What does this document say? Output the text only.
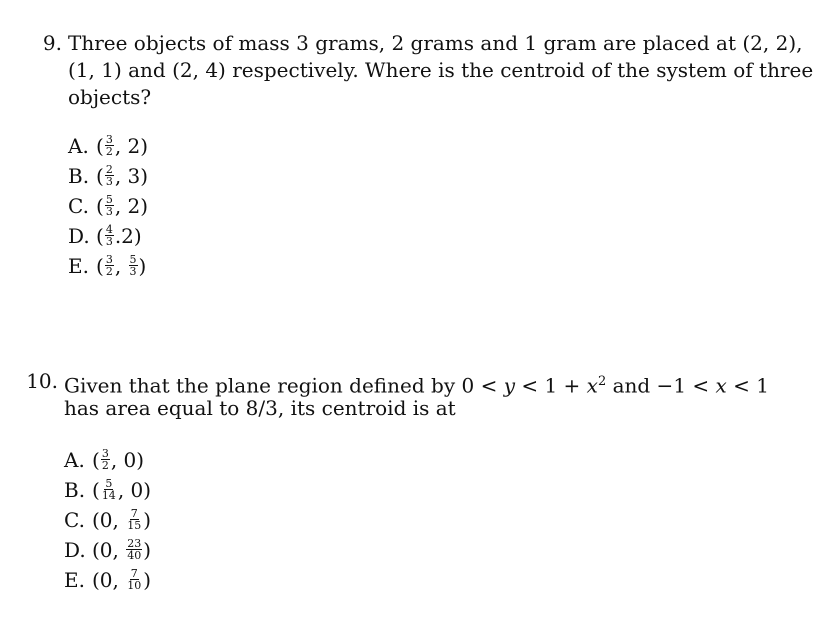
9. Three objects of mass 3 grams, 2 grams and 1 gram are placed at (2, 2),
(1, 1) and (2, 4) respectively. Where is the centroid of the system of three
objects?
A. ( $\frac{3}{2}$ , 2)
B. ( $\frac{2}{3}$ , 3)
C. ( $\frac{5}{3}$ , 2)
D. ( $\frac{4}{3} .2$)
E. ( $\frac{3}{2}$ , $\frac{5}{3}$ )
10. Given that the plane region defined by $0 < y < 1 + x^2$ and −1 < x < 1
has area equal to 8/3, its centroid is at
A. ( $\frac{3}{2}$ , 0)
B. ( $\frac{5}{14}$ , 0)
C. (0, $\frac{7}{15}$ )
D. (0, $\frac{23}{40}$ )
E. (0, $\frac{7}{10}$ )
